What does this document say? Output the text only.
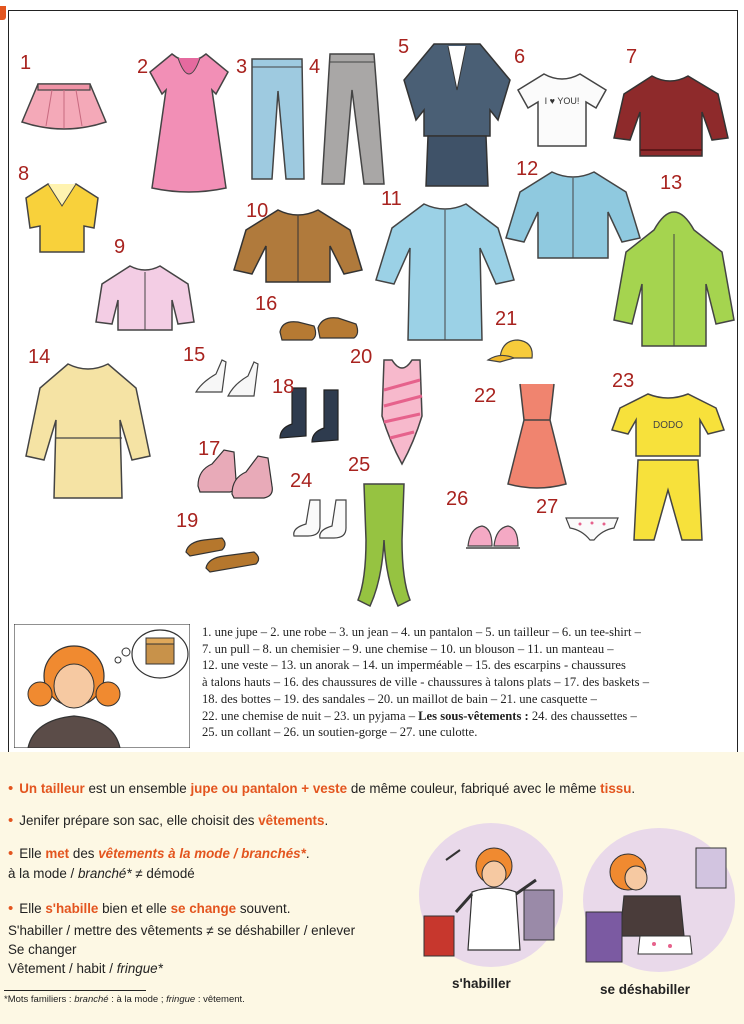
I ♥ YOU!
DODO
1	2	3	4
5	6	7
8
9
10
11
12
13
14	15
16
17
18
19
20
21
22
23
24
25
26	27
1. une jupe – 2. une robe – 3. un jean – 4. un pantalon – 5. un tailleur – 6. un tee-shirt –
7. un pull – 8. un chemisier – 9. une chemise – 10. un blouson – 11. un manteau –
12. une veste – 13. un anorak – 14. un imperméable – 15. des escarpins - chaussures
à talons hauts – 16. des chaussures de ville - chaussures à talons plats – 17. des baskets –
18. des bottes – 19. des sandales – 20. un maillot de bain – 21. une casquette –
22. une chemise de nuit – 23. un pyjama – Les sous-vêtements : 24. des chaussettes –
25. un collant – 26. un soutien-gorge – 27. une culotte.
• Un tailleur est un ensemble jupe ou pantalon + veste de même couleur, fabriqué avec le même tissu.
• Jenifer prépare son sac, elle choisit des vêtements.
• Elle met des vêtements à la mode / branchés*.
à la mode / branché* ≠ démodé
• Elle s'habille bien et elle se change souvent.
S'habiller / mettre des vêtements ≠ se déshabiller / enlever
Se changer
Vêtement / habit / fringue*
s'habiller	se déshabiller
*Mots familiers : branché : à la mode ; fringue : vêtement.
